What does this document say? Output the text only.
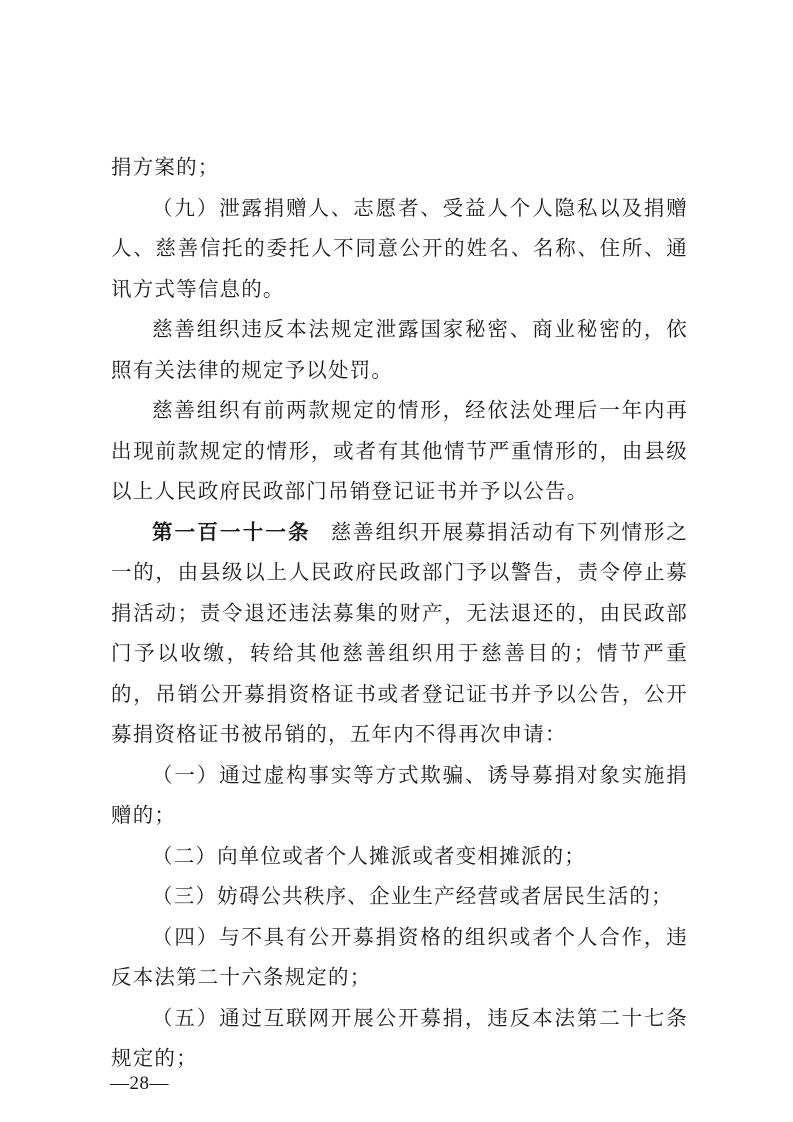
捐方案的；

（九）泄露捐赠人、志愿者、受益人个人隐私以及捐赠人、慈善信托的委托人不同意公开的姓名、名称、住所、通讯方式等信息的。

慈善组织违反本法规定泄露国家秘密、商业秘密的，依照有关法律的规定予以处罚。

慈善组织有前两款规定的情形，经依法处理后一年内再出现前款规定的情形，或者有其他情节严重情形的，由县级以上人民政府民政部门吊销登记证书并予以公告。

第一百一十一条 慈善组织开展募捐活动有下列情形之一的，由县级以上人民政府民政部门予以警告，责令停止募捐活动；责令退还违法募集的财产，无法退还的，由民政部门予以收缴，转给其他慈善组织用于慈善目的；情节严重的，吊销公开募捐资格证书或者登记证书并予以公告，公开募捐资格证书被吊销的，五年内不得再次申请：

（一）通过虚构事实等方式欺骗、诱导募捐对象实施捐赠的；

（二）向单位或者个人摊派或者变相摊派的；

（三）妨碍公共秩序、企业生产经营或者居民生活的；

（四）与不具有公开募捐资格的组织或者个人合作，违反本法第二十六条规定的；

（五）通过互联网开展公开募捐，违反本法第二十七条规定的；

—28—
